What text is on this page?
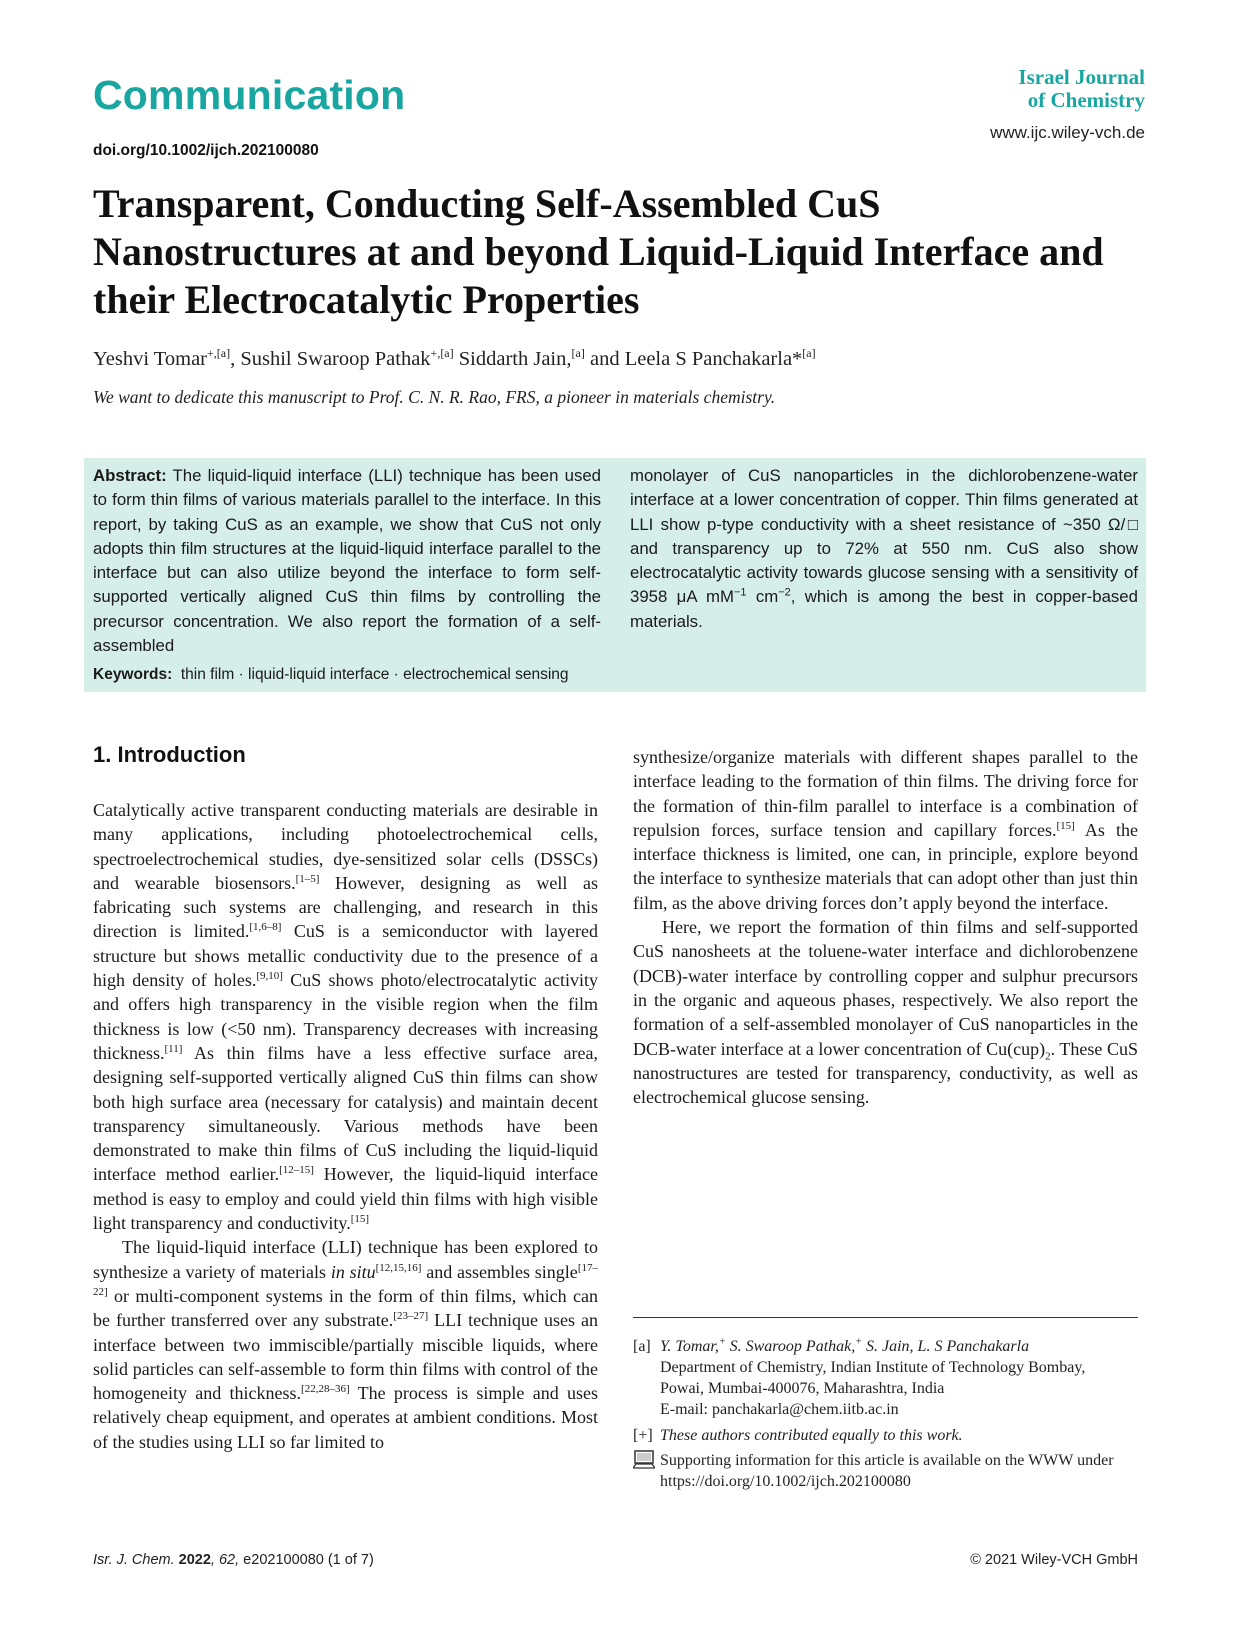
Communication
doi.org/10.1002/ijch.202100080
Israel Journal
of Chemistry
www.ijc.wiley-vch.de
Transparent, Conducting Self-Assembled CuS Nanostructures at and beyond Liquid-Liquid Interface and their Electrocatalytic Properties
Yeshvi Tomar$^{+,[a]}$, Sushil Swaroop Pathak$^{+,[a]}$ Siddarth Jain,[a] and Leela S Panchakarla*[a]
We want to dedicate this manuscript to Prof. C. N. R. Rao, FRS, a pioneer in materials chemistry.

Abstract: The liquid-liquid interface (LLI) technique has been used to form thin films of various materials parallel to the interface. In this report, by taking CuS as an example, we show that CuS not only adopts thin film structures at the liquid-liquid interface parallel to the interface but can also utilize beyond the interface to form self-supported vertically aligned CuS thin films by controlling the precursor concentration. We also report the formation of a self-assembled

monolayer of CuS nanoparticles in the dichlorobenzene-water interface at a lower concentration of copper. Thin films generated at LLI show p-type conductivity with a sheet resistance of ~350 Ω/□ and transparency up to 72% at 550 nm. CuS also show electrocatalytic activity towards glucose sensing with a sensitivity of 3958 μA mM$^{-1}$ cm$^{-2}$, which is among the best in copper-based materials.

Keywords: thin film · liquid-liquid interface · electrochemical sensing
1. Introduction

Catalytically active transparent conducting materials are desirable in many applications, including photoelectrochemical cells, spectroelectrochemical studies, dye-sensitized solar cells (DSSCs) and wearable biosensors.[1–5] However, designing as well as fabricating such systems are challenging, and research in this direction is limited.[1,6–8] CuS is a semiconductor with layered structure but shows metallic conductivity due to the presence of a high density of holes.[9,10] CuS shows photo/electrocatalytic activity and offers high transparency in the visible region when the film thickness is low (<50 nm). Transparency decreases with increasing thickness.[11] As thin films have a less effective surface area, designing self-supported vertically aligned CuS thin films can show both high surface area (necessary for catalysis) and maintain decent transparency simultaneously. Various methods have been demonstrated to make thin films of CuS including the liquid-liquid interface method earlier.[12–15] However, the liquid-liquid interface method is easy to employ and could yield thin films with high visible light transparency and conductivity.[15]

The liquid-liquid interface (LLI) technique has been explored to synthesize a variety of materials in situ[12,15,16] and assembles single[17–22] or multi-component systems in the form of thin films, which can be further transferred over any substrate.[23–27] LLI technique uses an interface between two immiscible/partially miscible liquids, where solid particles can self-assemble to form thin films with control of the homogeneity and thickness.[22,28–36] The process is simple and uses relatively cheap equipment, and operates at ambient conditions. Most of the studies using LLI so far limited to

synthesize/organize materials with different shapes parallel to the interface leading to the formation of thin films. The driving force for the formation of thin-film parallel to interface is a combination of repulsion forces, surface tension and capillary forces.[15] As the interface thickness is limited, one can, in principle, explore beyond the interface to synthesize materials that can adopt other than just thin film, as the above driving forces don’t apply beyond the interface.

Here, we report the formation of thin films and self-supported CuS nanosheets at the toluene-water interface and dichlorobenzene (DCB)-water interface by controlling copper and sulphur precursors in the organic and aqueous phases, respectively. We also report the formation of a self-assembled monolayer of CuS nanoparticles in the DCB-water interface at a lower concentration of $Cu(cup)_2$. These CuS nanostructures are tested for transparency, conductivity, as well as electrochemical glucose sensing.

[a] Y. Tomar,+ S. Swaroop Pathak,+ S. Jain, L. S Panchakarla
Department of Chemistry, Indian Institute of Technology Bombay,
Powai, Mumbai-400076, Maharashtra, India
E-mail: panchakarla@chem.iitb.ac.in
[+] These authors contributed equally to this work.
Supporting information for this article is available on the WWW under https://doi.org/10.1002/ijch.202100080
Isr. J. Chem. 2022, 62, e202100080 (1 of 7)	© 2021 Wiley-VCH GmbH
